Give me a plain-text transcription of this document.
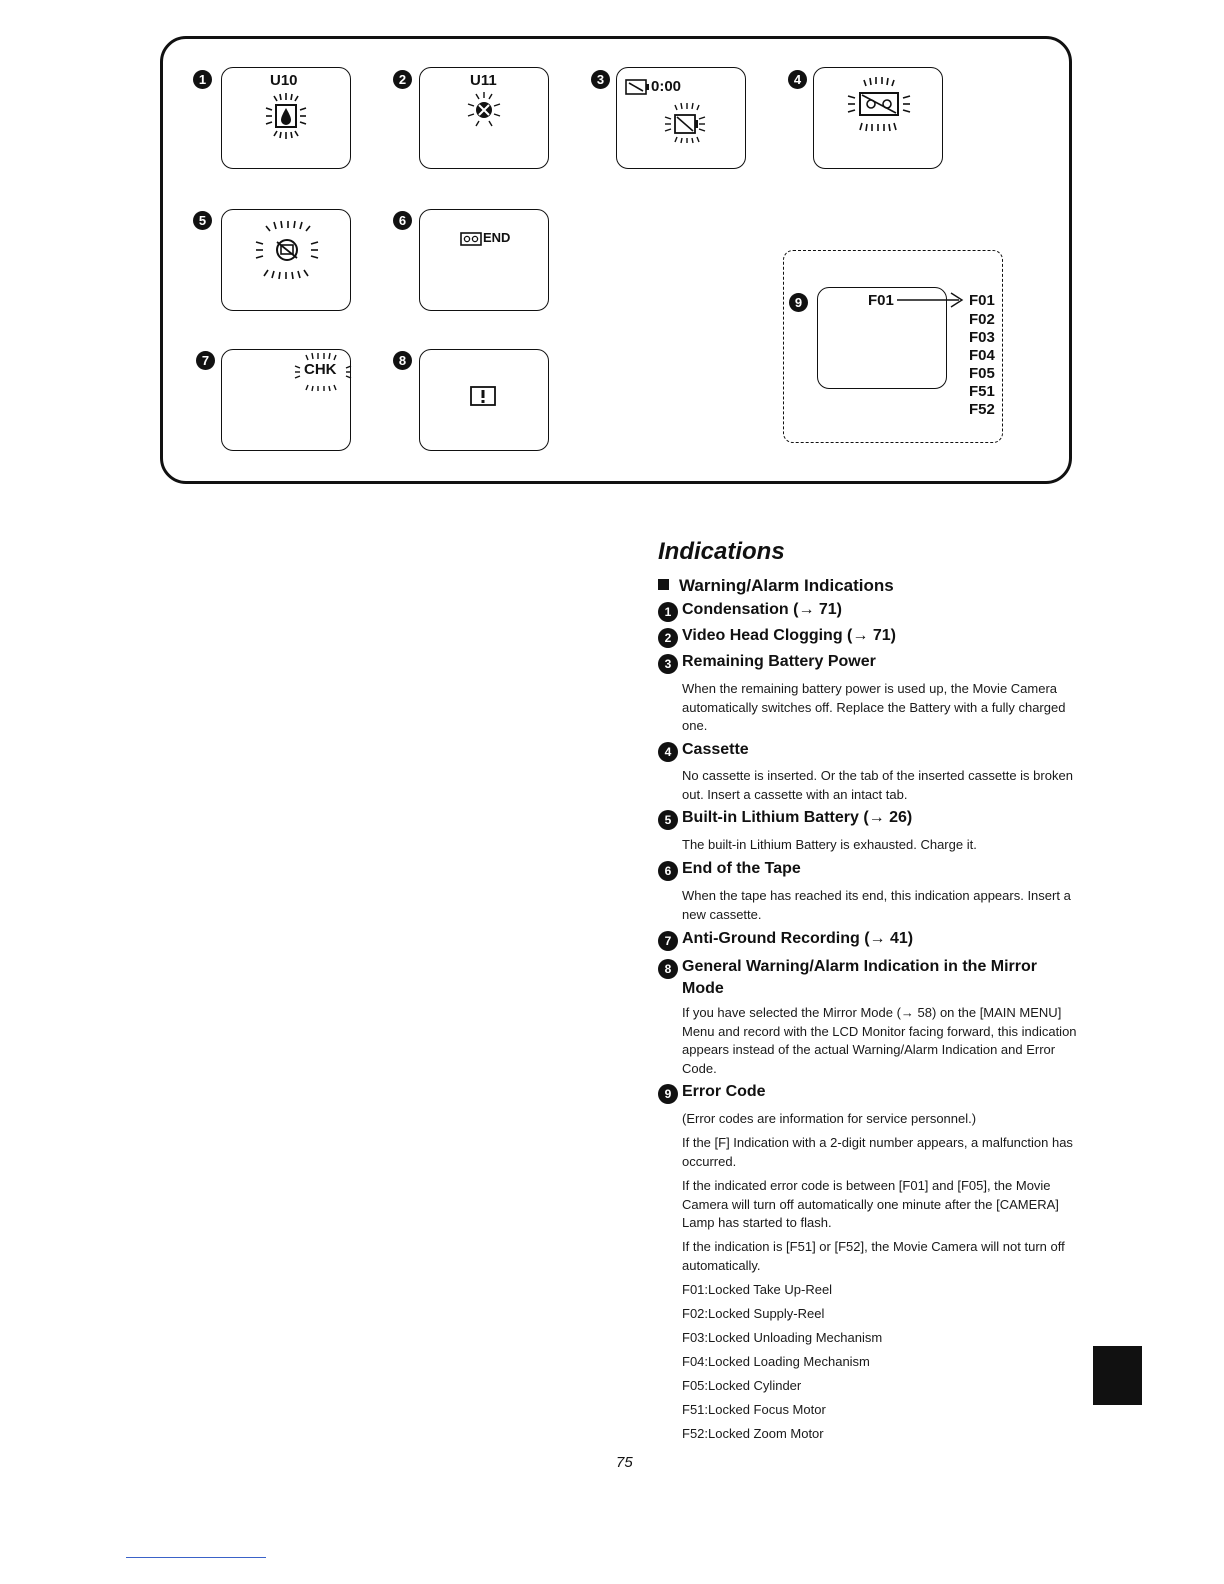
1	U10	2	U11	3	0:00	4
5	6
END
7
CHK
8
9	F01	F01
F02
F03
F04
F05
F51
F52
Indications
Warning/Alarm Indications
1 Condensation (→ 71)
2 Video Head Clogging (→ 71)
3 Remaining Battery Power
When the remaining battery power is used up, the Movie Camera automatically switches off. Replace the Battery with a fully charged one.
4 Cassette
No cassette is inserted. Or the tab of the inserted cassette is broken out. Insert a cassette with an intact tab.
5 Built-in Lithium Battery (→ 26)
The built-in Lithium Battery is exhausted. Charge it.
6 End of the Tape
When the tape has reached its end, this indication appears. Insert a new cassette.
7 Anti-Ground Recording (→ 41)
8 General Warning/Alarm Indication in the Mirror
Mode
If you have selected the Mirror Mode (→ 58) on the [MAIN MENU] Menu and record with the LCD Monitor facing forward, this indication appears instead of the actual Warning/Alarm Indication and Error Code.
9 Error Code
(Error codes are information for service personnel.)
If the [F] Indication with a 2-digit number appears, a malfunction has occurred.
If the indicated error code is between [F01] and [F05], the Movie Camera will turn off automatically one minute after the [CAMERA] Lamp has started to flash.
If the indication is [F51] or [F52], the Movie Camera will not turn off automatically.
F01:Locked Take Up-Reel
F02:Locked Supply-Reel
F03:Locked Unloading Mechanism
F04:Locked Loading Mechanism
F05:Locked Cylinder
F51:Locked Focus Motor
F52:Locked Zoom Motor
75
